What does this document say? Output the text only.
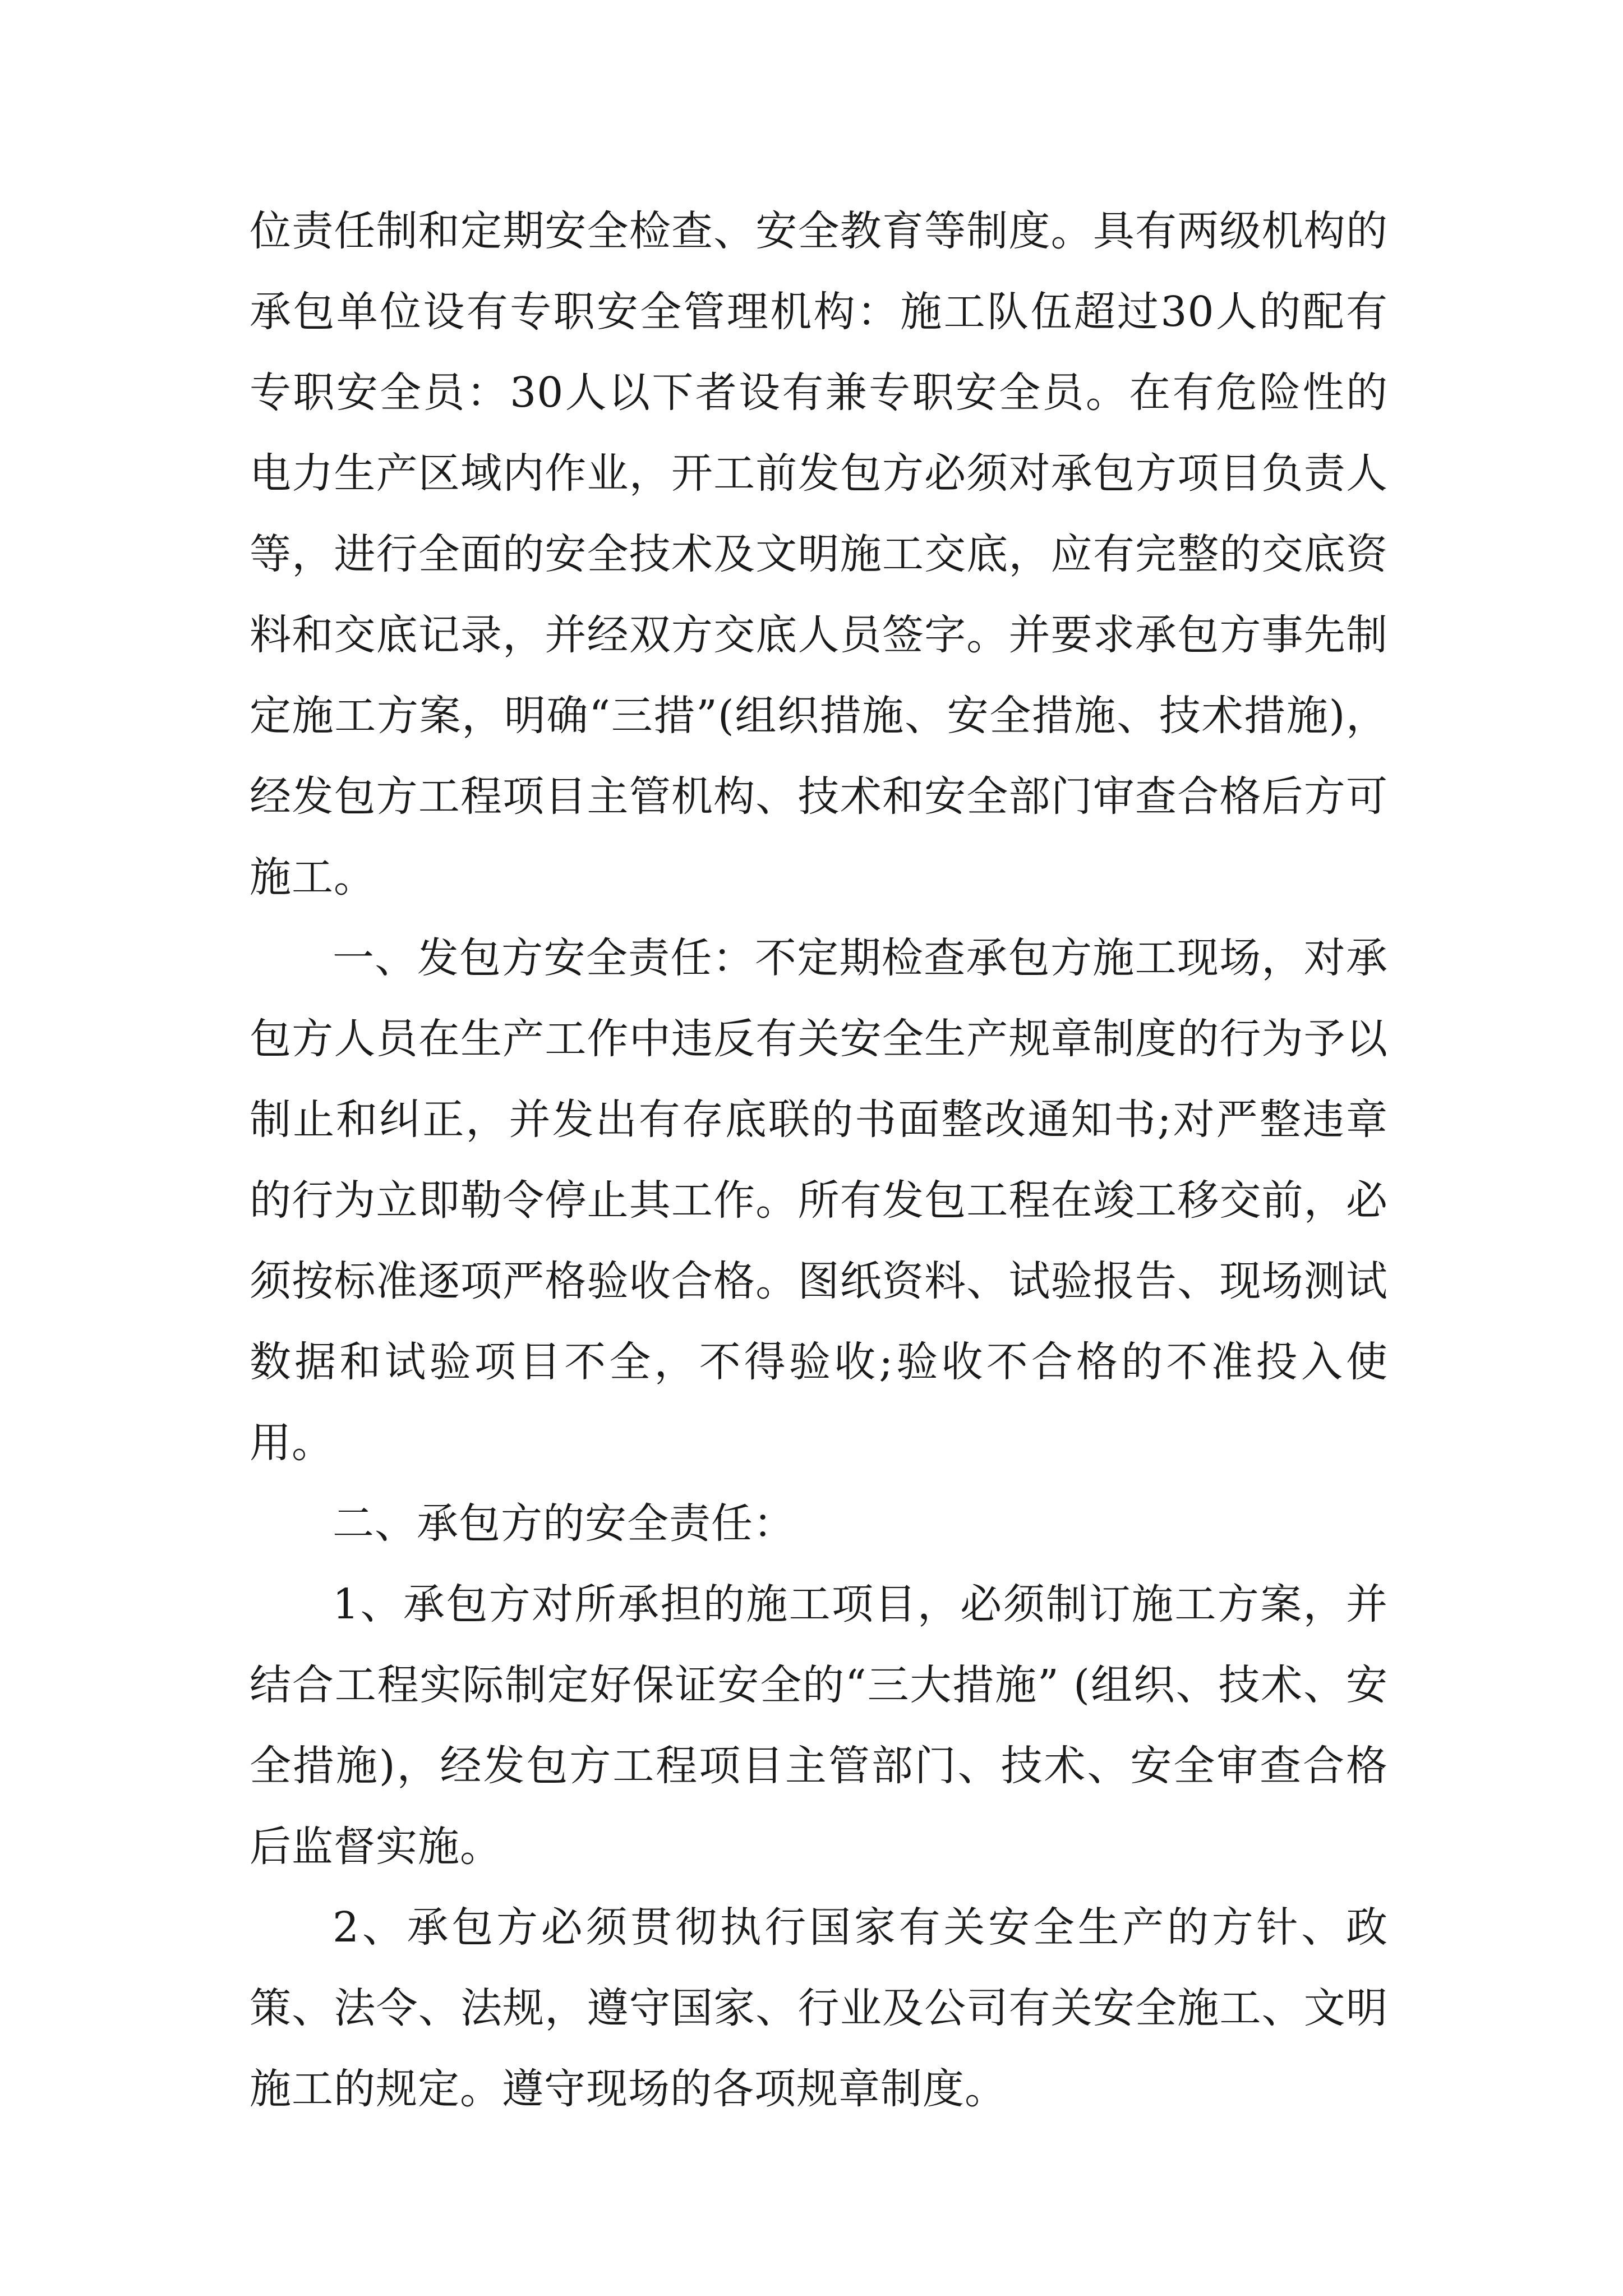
位责任制和定期安全检查、安全教育等制度。具有两级机构的承包单位设有专职安全管理机构：施工队伍超过30人的配有专职安全员：30人以下者设有兼专职安全员。在有危险性的电力生产区域内作业，开工前发包方必须对承包方项目负责人等，进行全面的安全技术及文明施工交底，应有完整的交底资料和交底记录，并经双方交底人员签字。并要求承包方事先制定施工方案，明确“三措”(组织措施、安全措施、技术措施)，经发包方工程项目主管机构、技术和安全部门审查合格后方可施工。

一、发包方安全责任：不定期检查承包方施工现场，对承包方人员在生产工作中违反有关安全生产规章制度的行为予以制止和纠正，并发出有存底联的书面整改通知书;对严整违章的行为立即勒令停止其工作。所有发包工程在竣工移交前，必须按标准逐项严格验收合格。图纸资料、试验报告、现场测试数据和试验项目不全，不得验收;验收不合格的不准投入使用。

二、承包方的安全责任：

1、承包方对所承担的施工项目，必须制订施工方案，并结合工程实际制定好保证安全的“三大措施” (组织、技术、安全措施)，经发包方工程项目主管部门、技术、安全审查合格后监督实施。

2、承包方必须贯彻执行国家有关安全生产的方针、政策、法令、法规，遵守国家、行业及公司有关安全施工、文明施工的规定。遵守现场的各项规章制度。
